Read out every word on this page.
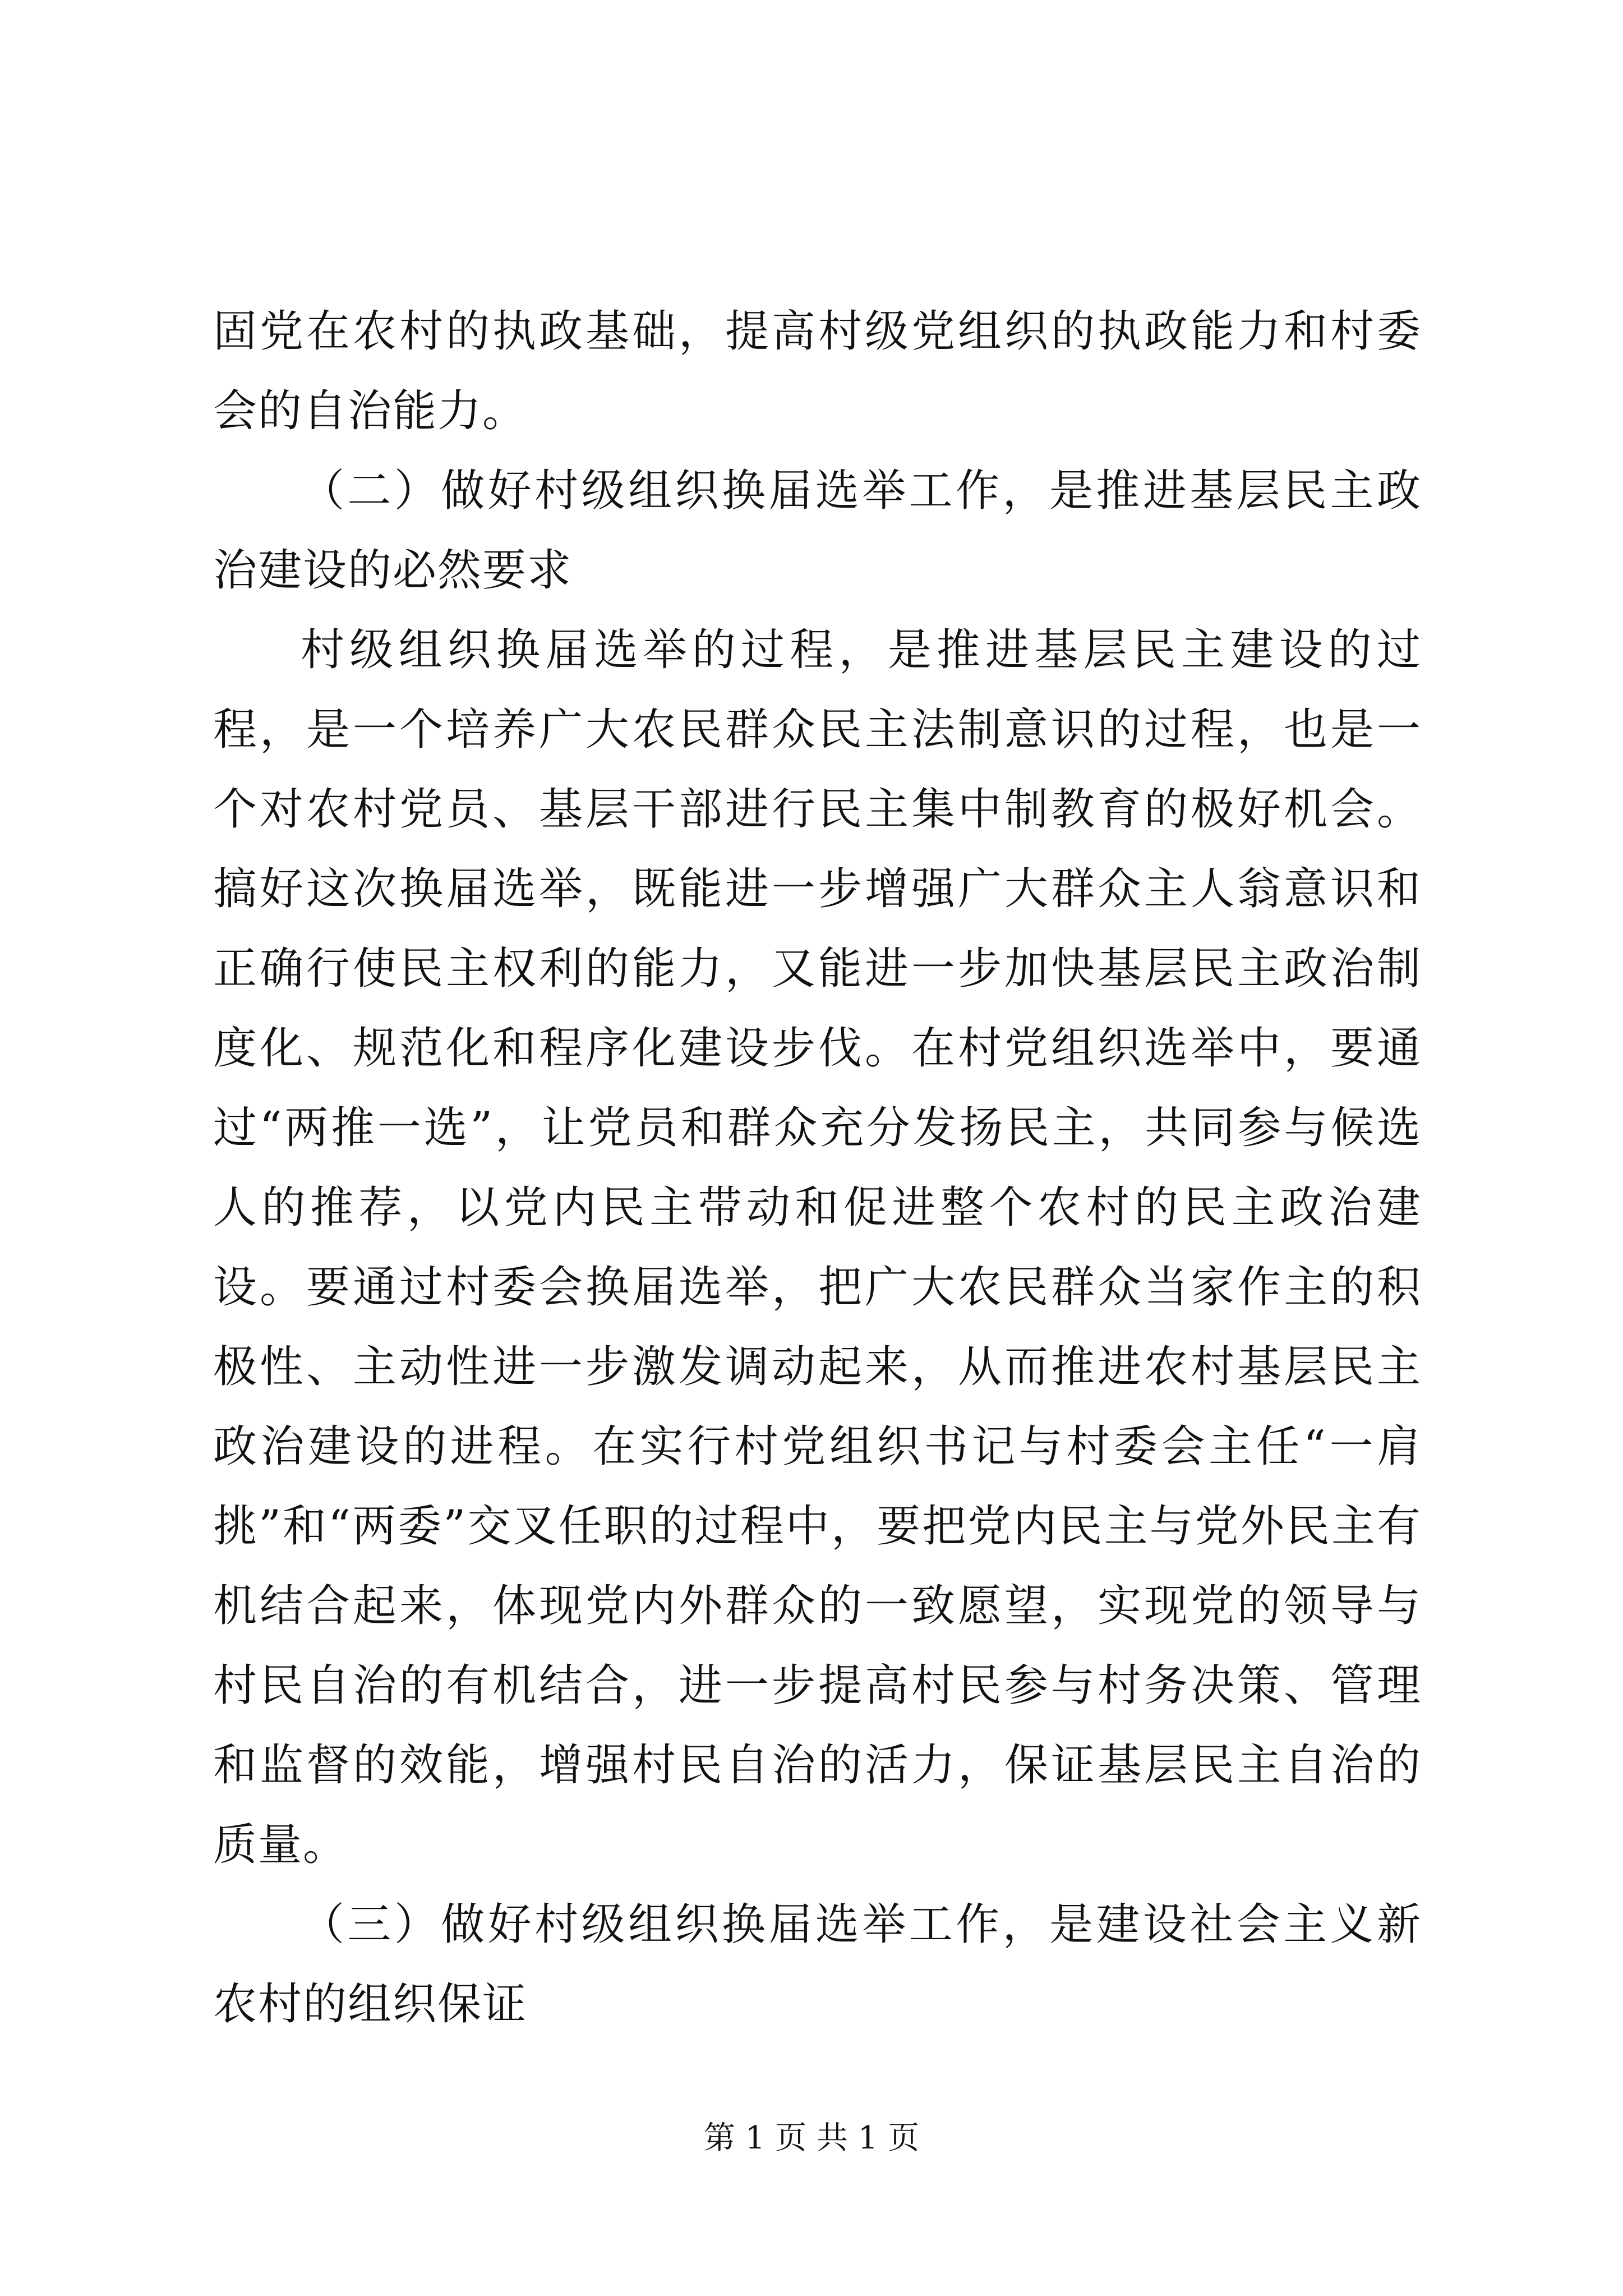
固党在农村的执政基础，提高村级党组织的执政能力和村委会的自治能力。

（二）做好村级组织换届选举工作，是推进基层民主政治建设的必然要求

村级组织换届选举的过程，是推进基层民主建设的过程，是一个培养广大农民群众民主法制意识的过程，也是一个对农村党员、基层干部进行民主集中制教育的极好机会。搞好这次换届选举，既能进一步增强广大群众主人翁意识和正确行使民主权利的能力，又能进一步加快基层民主政治制度化、规范化和程序化建设步伐。在村党组织选举中，要通过“两推一选”，让党员和群众充分发扬民主，共同参与候选人的推荐，以党内民主带动和促进整个农村的民主政治建设。要通过村委会换届选举，把广大农民群众当家作主的积极性、主动性进一步激发调动起来，从而推进农村基层民主政治建设的进程。在实行村党组织书记与村委会主任“一肩挑”和“两委”交叉任职的过程中，要把党内民主与党外民主有机结合起来，体现党内外群众的一致愿望，实现党的领导与村民自治的有机结合，进一步提高村民参与村务决策、管理和监督的效能，增强村民自治的活力，保证基层民主自治的质量。

（三）做好村级组织换届选举工作，是建设社会主义新农村的组织保证

第 1 页 共 1 页
